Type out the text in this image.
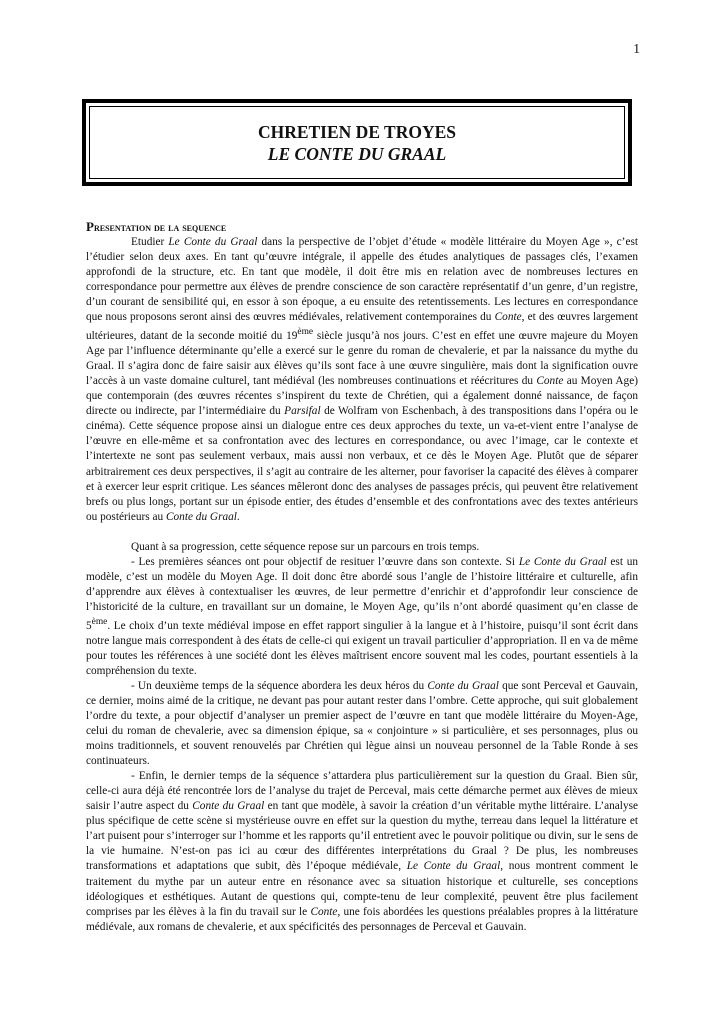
1
CHRETIEN DE TROYES
LE CONTE DU GRAAL
Presentation de la sequence

Etudier Le Conte du Graal dans la perspective de l’objet d’étude « modèle littéraire du Moyen Age », c’est l’étudier selon deux axes. En tant qu’œuvre intégrale, il appelle des études analytiques de passages clés, l’examen approfondi de la structure, etc. En tant que modèle, il doit être mis en relation avec de nombreuses lectures en correspondance pour permettre aux élèves de prendre conscience de son caractère représentatif d’un genre, d’un registre, d’un courant de sensibilité qui, en essor à son époque, a eu ensuite des retentissements. Les lectures en correspondance que nous proposons seront ainsi des œuvres médiévales, relativement contemporaines du Conte, et des œuvres largement ultérieures, datant de la seconde moitié du 19ème siècle jusqu’à nos jours. C’est en effet une œuvre majeure du Moyen Age par l’influence déterminante qu’elle a exercé sur le genre du roman de chevalerie, et par la naissance du mythe du Graal. Il s’agira donc de faire saisir aux élèves qu’ils sont face à une œuvre singulière, mais dont la signification ouvre l’accès à un vaste domaine culturel, tant médiéval (les nombreuses continuations et réécritures du Conte au Moyen Age) que contemporain (des œuvres récentes s’inspirent du texte de Chrétien, qui a également donné naissance, de façon directe ou indirecte, par l’intermédiaire du Parsifal de Wolfram von Eschenbach, à des transpositions dans l’opéra ou le cinéma). Cette séquence propose ainsi un dialogue entre ces deux approches du texte, un va-et-vient entre l’analyse de l’œuvre en elle-même et sa confrontation avec des lectures en correspondance, ou avec l’image, car le contexte et l’intertexte ne sont pas seulement verbaux, mais aussi non verbaux, et ce dès le Moyen Age. Plutôt que de séparer arbitrairement ces deux perspectives, il s’agit au contraire de les alterner, pour favoriser la capacité des élèves à comparer et à exercer leur esprit critique. Les séances mêleront donc des analyses de passages précis, qui peuvent être relativement brefs ou plus longs, portant sur un épisode entier, des études d’ensemble et des confrontations avec des textes antérieurs ou postérieurs au Conte du Graal.

Quant à sa progression, cette séquence repose sur un parcours en trois temps.

- Les premières séances ont pour objectif de resituer l’œuvre dans son contexte. Si Le Conte du Graal est un modèle, c’est un modèle du Moyen Age. Il doit donc être abordé sous l’angle de l’histoire littéraire et culturelle, afin d’apprendre aux élèves à contextualiser les œuvres, de leur permettre d’enrichir et d’approfondir leur conscience de l’historicité de la culture, en travaillant sur un domaine, le Moyen Age, qu’ils n’ont abordé quasiment qu’en classe de 5ème. Le choix d’un texte médiéval impose en effet rapport singulier à la langue et à l’histoire, puisqu’il sont écrit dans notre langue mais correspondent à des états de celle-ci qui exigent un travail particulier d’appropriation. Il en va de même pour toutes les références à une société dont les élèves maîtrisent encore souvent mal les codes, pourtant essentiels à la compréhension du texte.

- Un deuxième temps de la séquence abordera les deux héros du Conte du Graal que sont Perceval et Gauvain, ce dernier, moins aimé de la critique, ne devant pas pour autant rester dans l’ombre. Cette approche, qui suit globalement l’ordre du texte, a pour objectif d’analyser un premier aspect de l’œuvre en tant que modèle littéraire du Moyen-Age, celui du roman de chevalerie, avec sa dimension épique, sa « conjointure » si particulière, et ses personnages, plus ou moins traditionnels, et souvent renouvelés par Chrétien qui lègue ainsi un nouveau personnel de la Table Ronde à ses continuateurs.

- Enfin, le dernier temps de la séquence s’attardera plus particulièrement sur la question du Graal. Bien sûr, celle-ci aura déjà été rencontrée lors de l’analyse du trajet de Perceval, mais cette démarche permet aux élèves de mieux saisir l’autre aspect du Conte du Graal en tant que modèle, à savoir la création d’un véritable mythe littéraire. L’analyse plus spécifique de cette scène si mystérieuse ouvre en effet sur la question du mythe, terreau dans lequel la littérature et l’art puisent pour s’interroger sur l’homme et les rapports qu’il entretient avec le pouvoir politique ou divin, sur le sens de la vie humaine. N’est-on pas ici au cœur des différentes interprétations du Graal ? De plus, les nombreuses transformations et adaptations que subit, dès l’époque médiévale, Le Conte du Graal, nous montrent comment le traitement du mythe par un auteur entre en résonance avec sa situation historique et culturelle, ses conceptions idéologiques et esthétiques. Autant de questions qui, compte-tenu de leur complexité, peuvent être plus facilement comprises par les élèves à la fin du travail sur le Conte, une fois abordées les questions préalables propres à la littérature médiévale, aux romans de chevalerie, et aux spécificités des personnages de Perceval et Gauvain.
